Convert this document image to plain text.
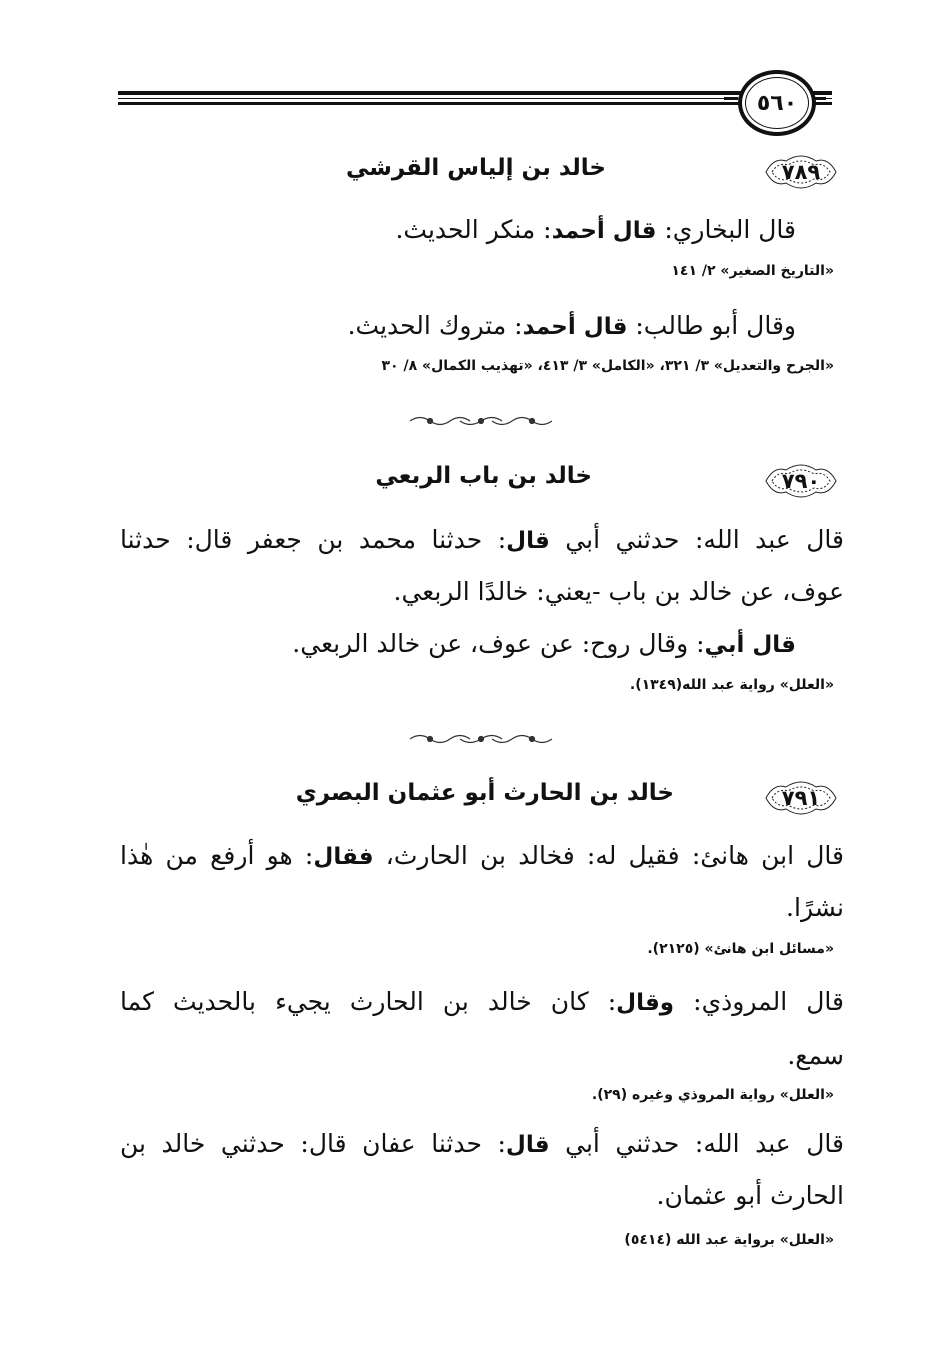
٥٦٠
٧٨٩
خالد بن إلياس القرشي
قال البخاري: قال أحمد: منكر الحديث.
«التاريخ الصغير» ٢/ ١٤١
وقال أبو طالب: قال أحمد: متروك الحديث.
«الجرح والتعديل» ٣/ ٣٢١، «الكامل» ٣/ ٤١٣، «تهذيب الكمال» ٨/ ٣٠
٧٩٠
خالد بن باب الربعي
قال عبد الله: حدثني أبي قال: حدثنا محمد بن جعفر قال: حدثنا
عوف، عن خالد بن باب -يعني: خالدًا الربعي.
قال أبي: وقال روح: عن عوف، عن خالد الربعي.
«العلل» رواية عبد الله(١٣٤٩).
٧٩١
خالد بن الحارث أبو عثمان البصري
قال ابن هانئ: فقيل له: فخالد بن الحارث، فقال: هو أرفع من هٰذا
نشرًا.
«مسائل ابن هانئ» (٢١٢٥).
قال المروذي: وقال: كان خالد بن الحارث يجيء بالحديث كما
سمع.
«العلل» رواية المروذي وغيره (٢٩).
قال عبد الله: حدثني أبي قال: حدثنا عفان قال: حدثني خالد بن
الحارث أبو عثمان.
«العلل» برواية عبد الله (٥٤١٤)
